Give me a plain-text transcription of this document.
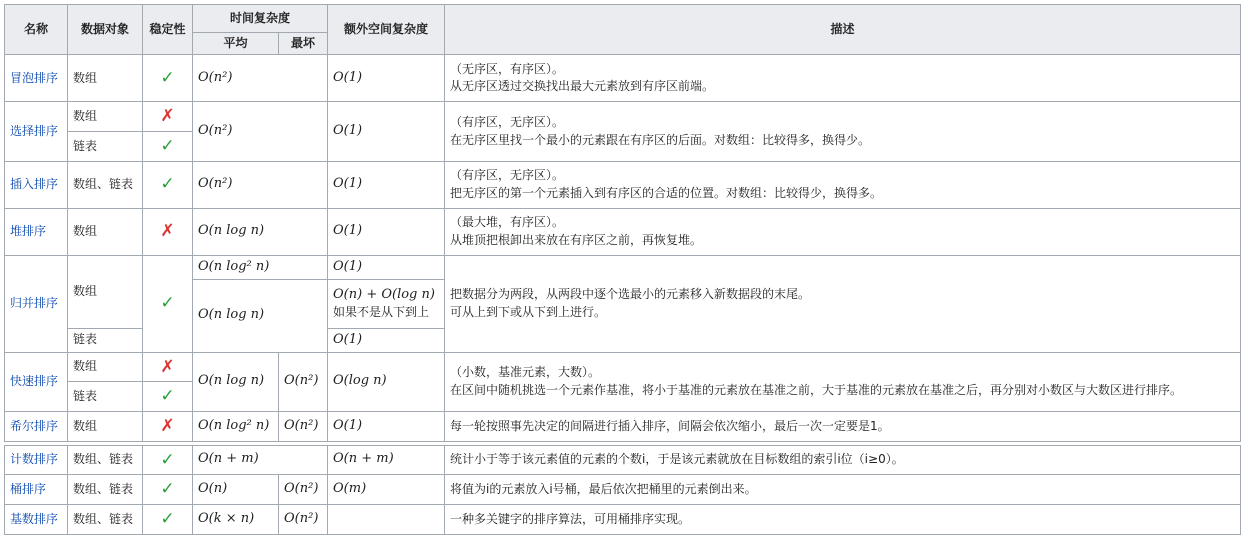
名称	数据对象	稳定性	时间复杂度		额外空间复杂度	描述
			平均	最坏		
冒泡排序	数组	✓	O(n²)		O(1)	（无序区，有序区）。
从无序区透过交换找出最大元素放到有序区前端。

选择排序	数组	✗	O(n²)		O(1)	（有序区，无序区）。
在无序区里找一个最小的元素跟在有序区的后面。对数组：比较得多，换得少。

	链表	✓				
插入排序	数组、链表	✓	O(n²)		O(1)	（有序区，无序区）。
把无序区的第一个元素插入到有序区的合适的位置。对数组：比较得少，换得多。

堆排序	数组	✗	O(n log n)		O(1)	（最大堆，有序区）。
从堆顶把根卸出来放在有序区之前，再恢复堆。

归并排序	数组	✓	O(n log² n)		O(1)	把数据分为两段，从两段中逐个选最小的元素移入新数据段的末尾。
可从上到下或从下到上进行。

			O(n log n)		O(n) + O(log n)
如果不是从下到上	

	链表				O(1)	
快速排序	数组	✗	O(n log n)	O(n²)	O(log n)	（小数，基准元素，大数）。
在区间中随机挑选一个元素作基准，将小于基准的元素放在基准之前，大于基准的元素放在基准之后，再分别对小数区与大数区进行排序。

	链表	✓				
希尔排序	数组	✗	O(n log² n)	O(n²)	O(1)	每一轮按照事先决定的间隔进行插入排序，间隔会依次缩小，最后一次一定要是1。

计数排序	数组、链表	✓	O(n + m)		O(n + m)	统计小于等于该元素值的元素的个数i，于是该元素就放在目标数组的索引i位（i≥0）。
桶排序	数组、链表	✓	O(n)	O(n²)	O(m)	将值为i的元素放入i号桶，最后依次把桶里的元素倒出来。
基数排序	数组、链表	✓	O(k × n)	O(n²)		一种多关键字的排序算法，可用桶排序实现。
